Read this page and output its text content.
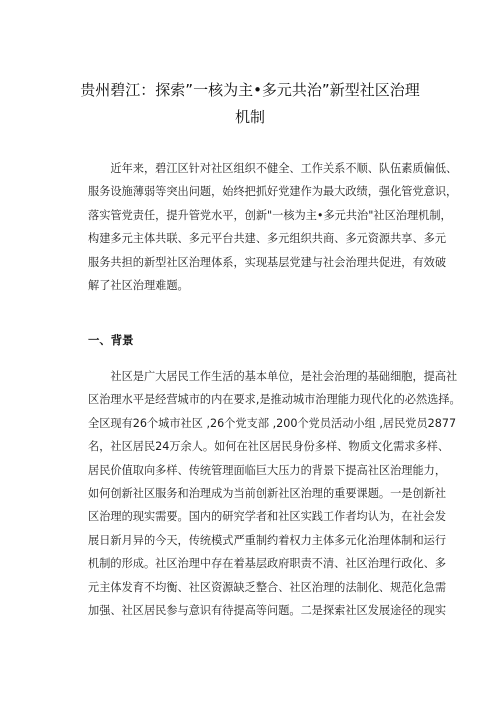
贵州碧江：探索”一核为主•多元共治”新型社区治理
机制

　　近年来，碧江区针对社区组织不健全、工作关系不顺、队伍素质偏低、
服务设施薄弱等突出问题，始终把抓好党建作为最大政绩，强化管党意识，
落实管党责任，提升管党水平，创新"一核为主•多元共治"社区治理机制，
构建多元主体共联、多元平台共建、多元组织共商、多元资源共享、多元
服务共担的新型社区治理体系，实现基层党建与社会治理共促进，有效破
解了社区治理难题。

一、背景

　　社区是广大居民工作生活的基本单位，是社会治理的基础细胞，提高社
区治理水平是经营城市的内在要求,是推动城市治理能力现代化的必然选择。
全区现有26个城市社区 ,26个党支部 ,200个党员活动小组 ,居民党员2877
名，社区居民24万余人。如何在社区居民身份多样、物质文化需求多样、
居民价值取向多样、传统管理面临巨大压力的背景下提高社区治理能力，
如何创新社区服务和治理成为当前创新社区治理的重要课题。一是创新社
区治理的现实需要。国内的研究学者和社区实践工作者均认为，在社会发
展日新月异的今天，传统模式严重制约着权力主体多元化治理体制和运行
机制的形成。社区治理中存在着基层政府职责不清、社区治理行政化、多
元主体发育不均衡、社区资源缺乏整合、社区治理的法制化、规范化急需
加强、社区居民参与意识有待提高等问题。二是探索社区发展途径的现实
